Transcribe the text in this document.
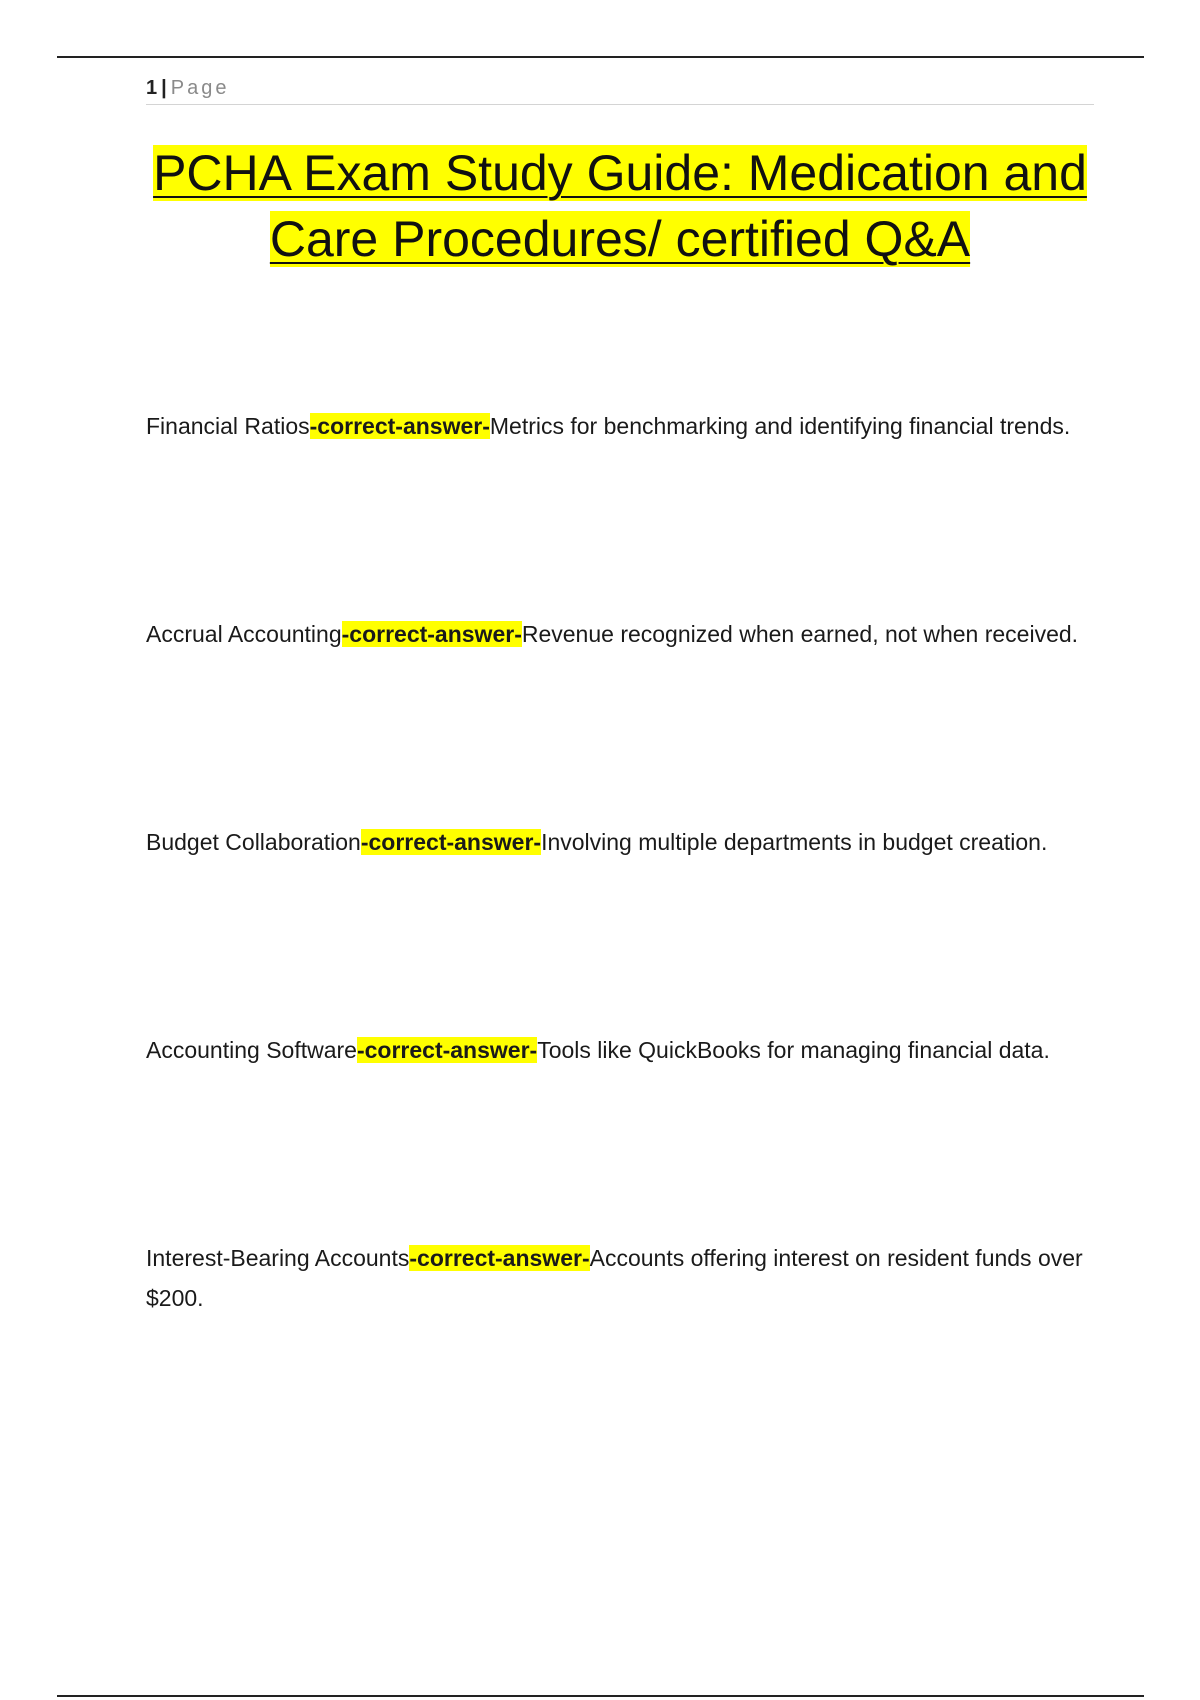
1 | Page
PCHA Exam Study Guide: Medication and
Care Procedures/ certified Q&A

Financial Ratios-correct-answer-Metrics for benchmarking and identifying financial trends.

Accrual Accounting-correct-answer-Revenue recognized when earned, not when received.

Budget Collaboration-correct-answer-Involving multiple departments in budget creation.

Accounting Software-correct-answer-Tools like QuickBooks for managing financial data.

Interest-Bearing Accounts-correct-answer-Accounts offering interest on resident funds over $200.
